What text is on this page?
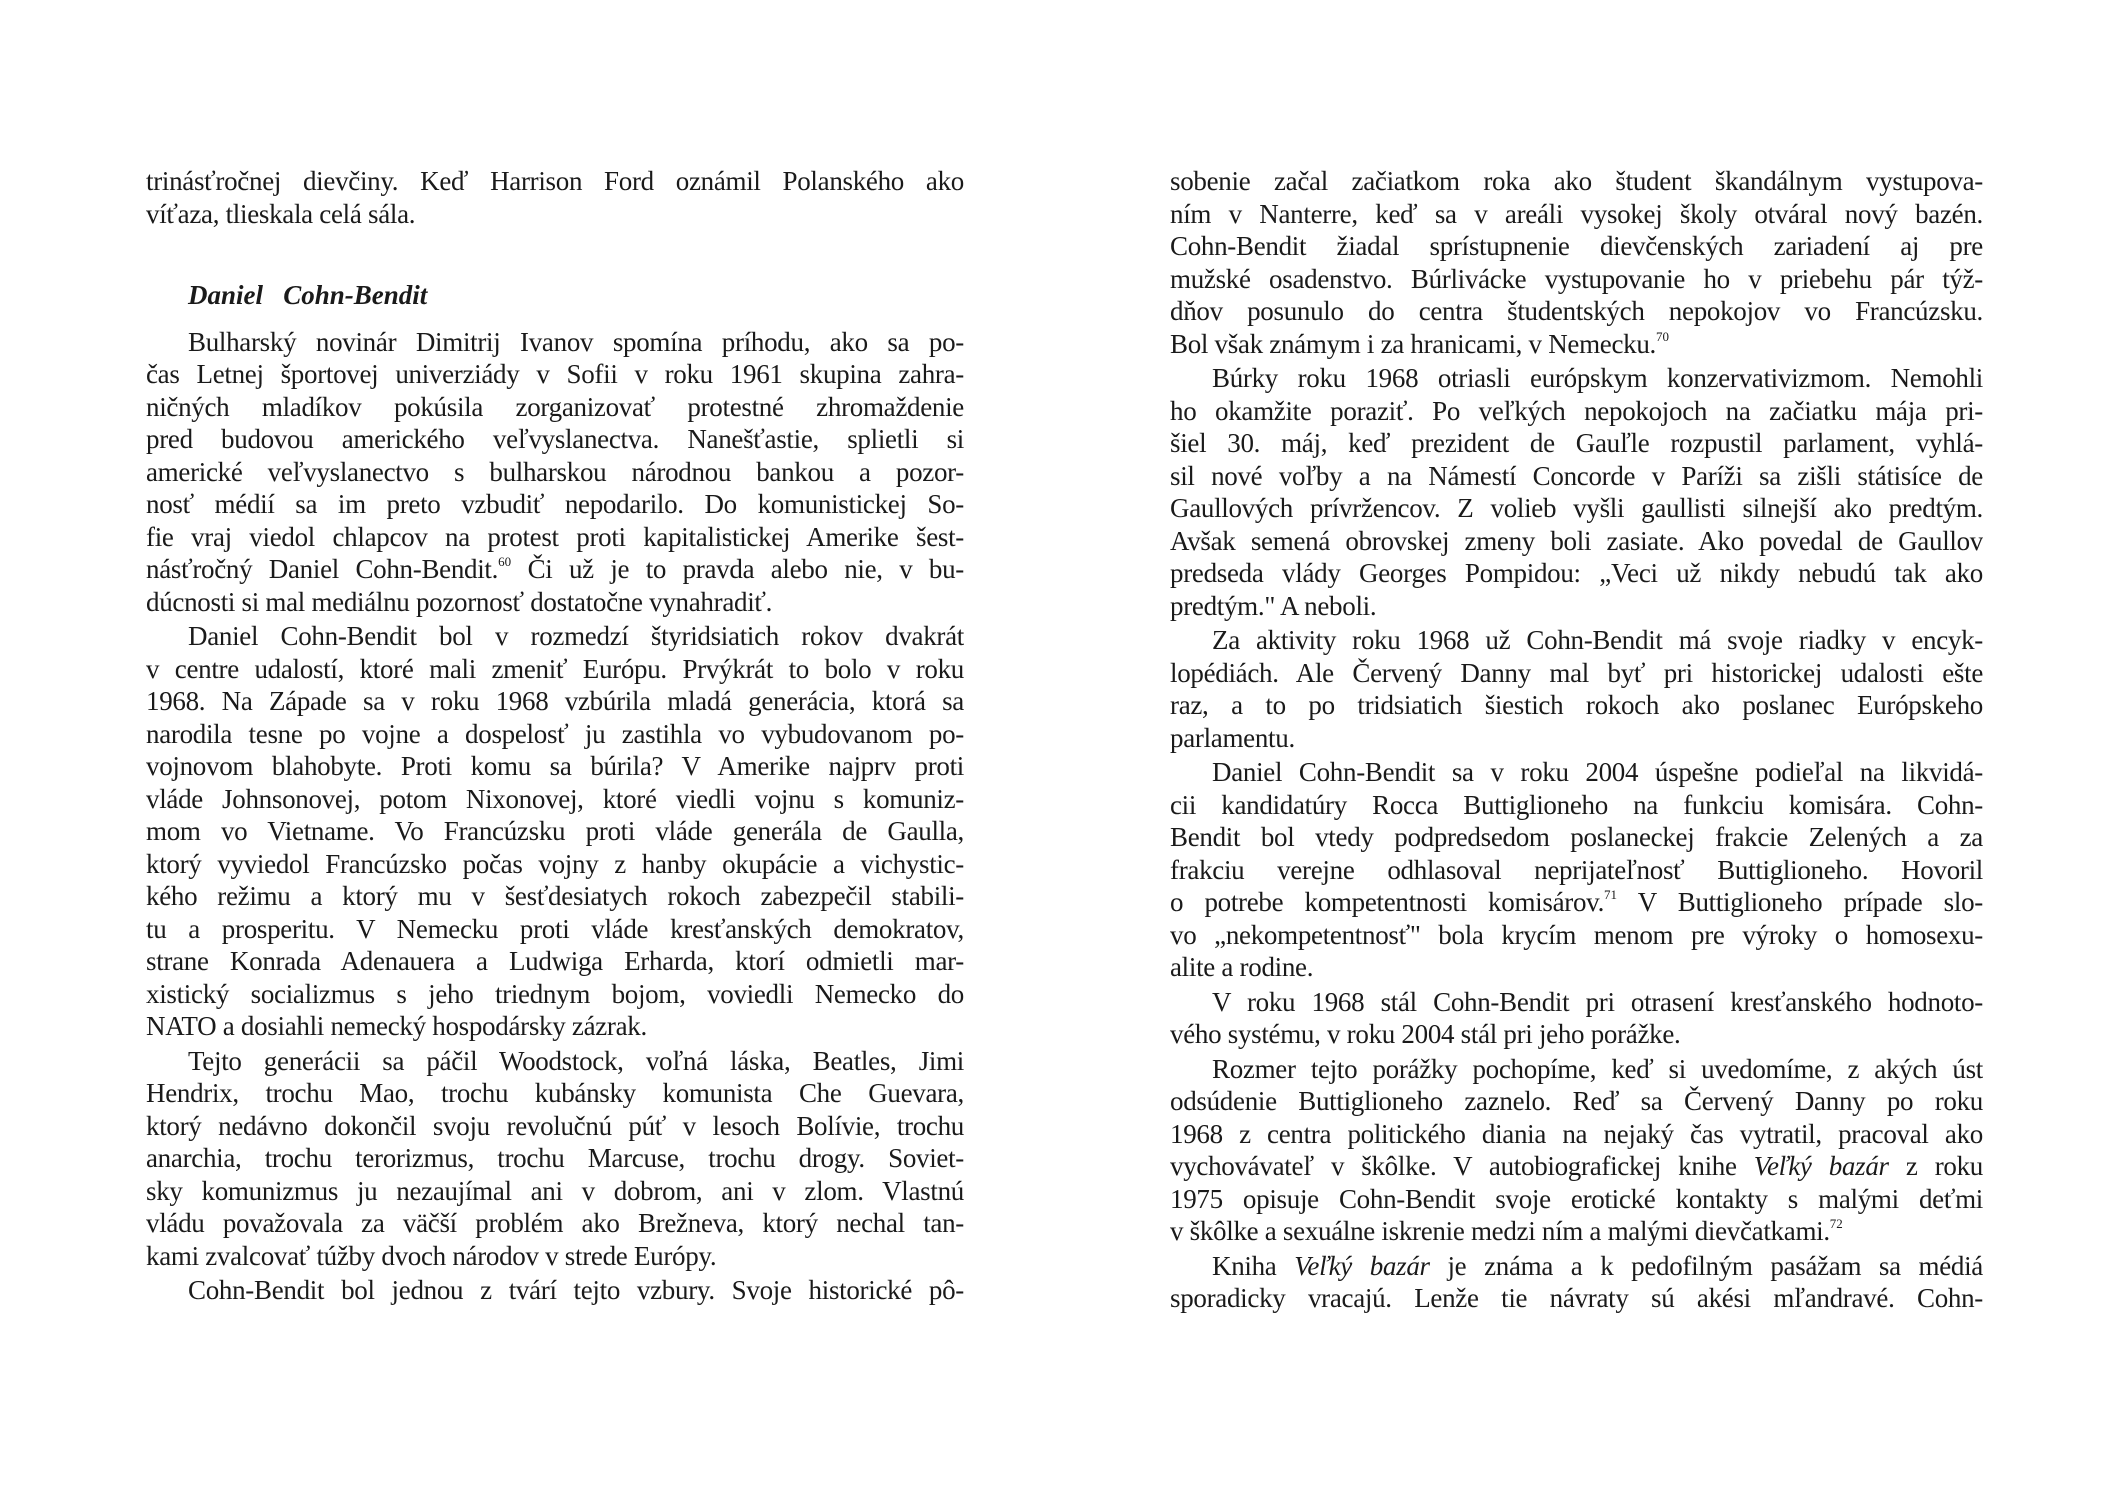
trinásťročnej dievčiny. Keď Harrison Ford oznámil Polanského ako
víťaza, tlieskala celá sála.
Daniel   Cohn-Bendit
Bulharský novinár Dimitrij Ivanov spomína príhodu, ako sa po-
čas Letnej športovej univerziády v Sofii v roku 1961 skupina zahra-
ničných mladíkov pokúsila zorganizovať protestné zhromaždenie
pred budovou amerického veľvyslanectva. Nanešťastie, splietli si
americké veľvyslanectvo s bulharskou národnou bankou a pozor-
nosť médií sa im preto vzbudiť nepodarilo. Do komunistickej So-
fie vraj viedol chlapcov na protest proti kapitalistickej Amerike šest-
násťročný Daniel Cohn-Bendit.$^{60}$ Či už je to pravda alebo nie, v bu-
dúcnosti si mal mediálnu pozornosť dostatočne vynahradiť.
Daniel Cohn-Bendit bol v rozmedzí štyridsiatich rokov dvakrát
v centre udalostí, ktoré mali zmeniť Európu. Prvýkrát to bolo v roku
1968. Na Západe sa v roku 1968 vzbúrila mladá generácia, ktorá sa
narodila tesne po vojne a dospelosť ju zastihla vo vybudovanom po-
vojnovom blahobyte. Proti komu sa búrila? V Amerike najprv proti
vláde Johnsonovej, potom Nixonovej, ktoré viedli vojnu s komuniz-
mom vo Vietname. Vo Francúzsku proti vláde generála de Gaulla,
ktorý vyviedol Francúzsko počas vojny z hanby okupácie a vichystic-
kého režimu a ktorý mu v šesťdesiatych rokoch zabezpečil stabili-
tu a prosperitu. V Nemecku proti vláde kresťanských demokratov,
strane Konrada Adenauera a Ludwiga Erharda, ktorí odmietli mar-
xistický socializmus s jeho triednym bojom, voviedli Nemecko do
NATO a dosiahli nemecký hospodársky zázrak.
Tejto generácii sa páčil Woodstock, voľná láska, Beatles, Jimi
Hendrix, trochu Mao, trochu kubánsky komunista Che Guevara,
ktorý nedávno dokončil svoju revolučnú púť v lesoch Bolívie, trochu
anarchia, trochu terorizmus, trochu Marcuse, trochu drogy. Soviet-
sky komunizmus ju nezaujímal ani v dobrom, ani v zlom. Vlastnú
vládu považovala za väčší problém ako Brežneva, ktorý nechal tan-
kami zvalcovať túžby dvoch národov v strede Európy.
Cohn-Bendit bol jednou z tvárí tejto vzbury. Svoje historické pô-
sobenie začal začiatkom roka ako študent škandálnym vystupova-
ním v Nanterre, keď sa v areáli vysokej školy otváral nový bazén.
Cohn-Bendit žiadal sprístupnenie dievčenských zariadení aj pre
mužské osadenstvo. Búrlivácke vystupovanie ho v priebehu pár týž-
dňov posunulo do centra študentských nepokojov vo Francúzsku.
Bol však známym i za hranicami, v Nemecku.$^{70}$
Búrky roku 1968 otriasli európskym konzervativizmom. Nemohli
ho okamžite poraziť. Po veľkých nepokojoch na začiatku mája pri-
šiel 30. máj, keď prezident de Gauľle rozpustil parlament, vyhlá-
sil nové voľby a na Námestí Concorde v Paríži sa zišli státisíce de
Gaullových prívržencov. Z volieb vyšli gaullisti silnejší ako predtým.
Avšak semená obrovskej zmeny boli zasiate. Ako povedal de Gaullov
predseda vlády Georges Pompidou: „Veci už nikdy nebudú tak ako
predtým." A neboli.
Za aktivity roku 1968 už Cohn-Bendit má svoje riadky v encyk-
lopédiách. Ale Červený Danny mal byť pri historickej udalosti ešte
raz, a to po tridsiatich šiestich rokoch ako poslanec Európskeho
parlamentu.
Daniel Cohn-Bendit sa v roku 2004 úspešne podieľal na likvidá-
cii kandidatúry Rocca Buttiglioneho na funkciu komisára. Cohn-
Bendit bol vtedy podpredsedom poslaneckej frakcie Zelených a za
frakciu verejne odhlasoval neprijateľnosť Buttiglioneho. Hovoril
o potrebe kompetentnosti komisárov.$^{71}$ V Buttiglioneho prípade slo-
vo „nekompetentnosť" bola krycím menom pre výroky o homosexu-
alite a rodine.
V roku 1968 stál Cohn-Bendit pri otrasení kresťanského hodnoto-
vého systému, v roku 2004 stál pri jeho porážke.
Rozmer tejto porážky pochopíme, keď si uvedomíme, z akých úst
odsúdenie Buttiglioneho zaznelo. Reď sa Červený Danny po roku
1968 z centra politického diania na nejaký čas vytratil, pracoval ako
vychovávateľ v škôlke. V autobiografickej knihe Veľký bazár z roku
1975 opisuje Cohn-Bendit svoje erotické kontakty s malými deťmi
v škôlke a sexuálne iskrenie medzi ním a malými dievčatkami.$^{72}$
Kniha Veľký bazár je známa a k pedofilným pasážam sa médiá
sporadicky vracajú. Lenže tie návraty sú akési mľandravé. Cohn-
